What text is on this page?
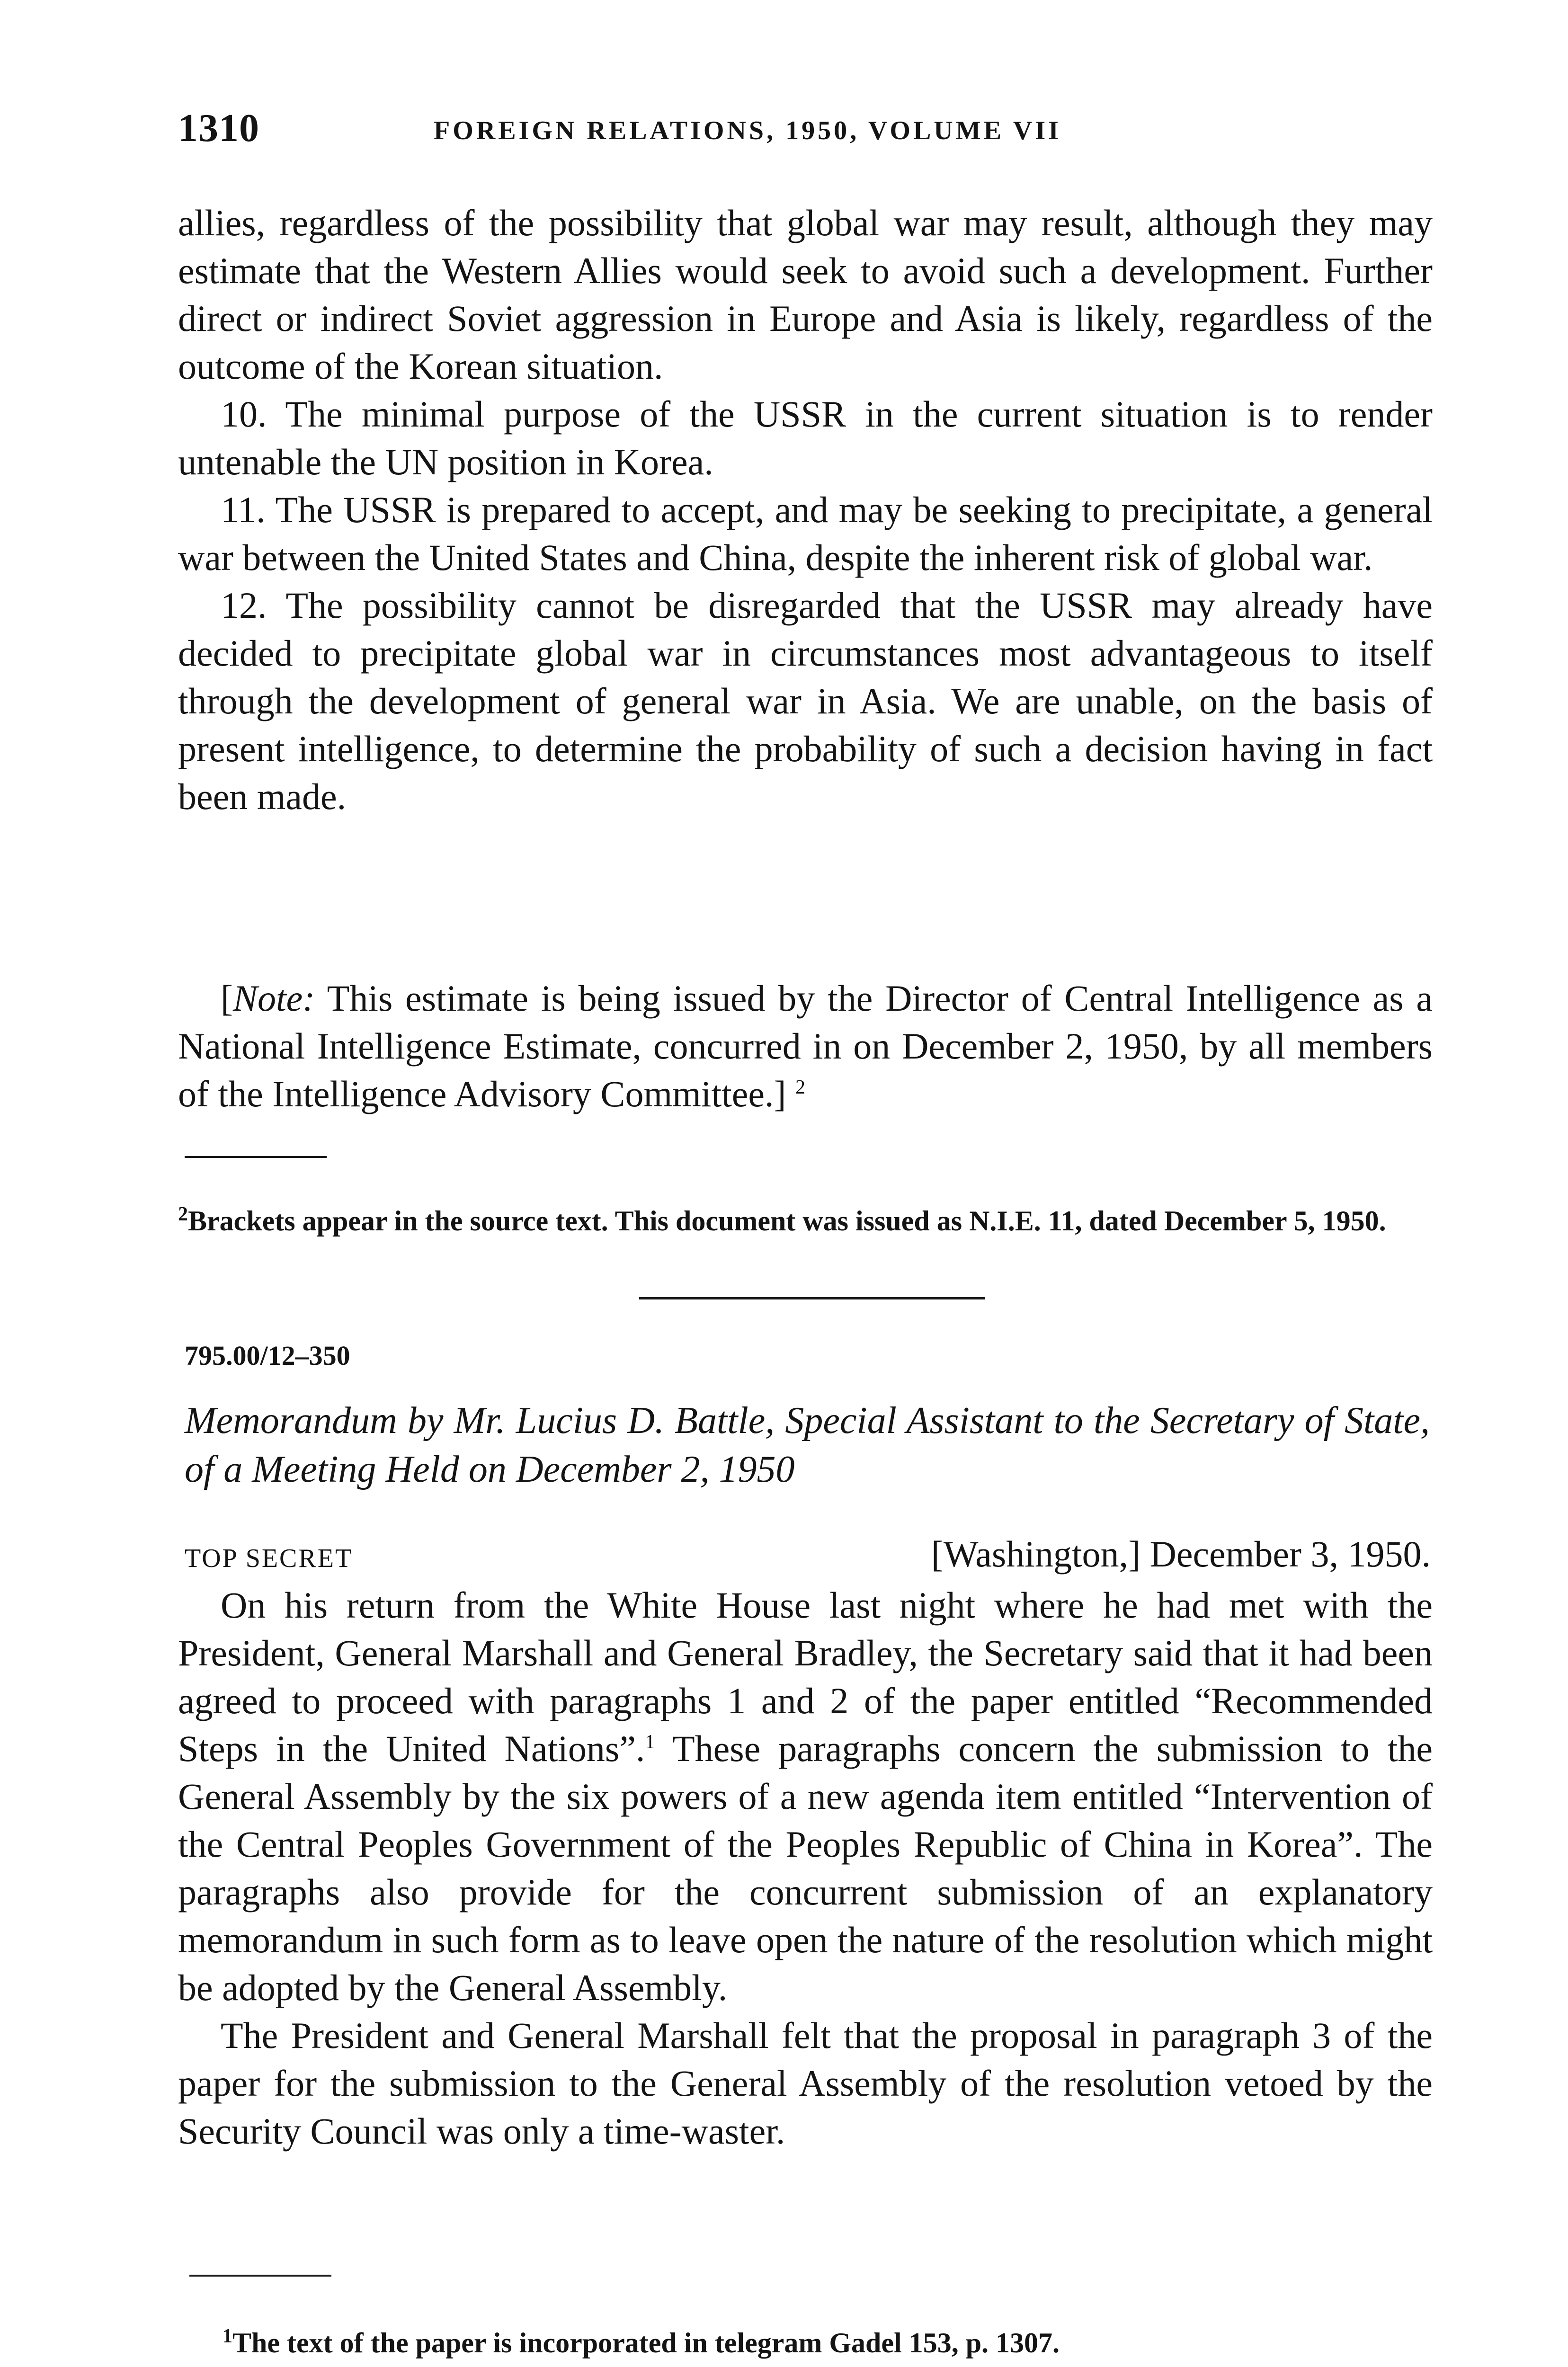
1310	FOREIGN RELATIONS, 1950, VOLUME VII

allies, regardless of the possibility that global war may result, although they may estimate that the Western Allies would seek to avoid such a development. Further direct or indirect Soviet aggression in Europe and Asia is likely, regardless of the outcome of the Korean situation.

10. The minimal purpose of the USSR in the current situation is to render untenable the UN position in Korea.

11. The USSR is prepared to accept, and may be seeking to precipitate, a general war between the United States and China, despite the inherent risk of global war.

12. The possibility cannot be disregarded that the USSR may already have decided to precipitate global war in circumstances most advantageous to itself through the development of general war in Asia. We are unable, on the basis of present intelligence, to determine the probability of such a decision having in fact been made.

[Note: This estimate is being issued by the Director of Central Intelligence as a National Intelligence Estimate, concurred in on December 2, 1950, by all members of the Intelligence Advisory Committee.] $^2$

$^2$Brackets appear in the source text. This document was issued as N.I.E. 11, dated December 5, 1950.

795.00/12–350
Memorandum by Mr. Lucius D. Battle, Special Assistant to the Secretary of State, of a Meeting Held on December 2, 1950
TOP SECRET	[Washington,] December 3, 1950.

On his return from the White House last night where he had met with the President, General Marshall and General Bradley, the Secretary said that it had been agreed to proceed with paragraphs 1 and 2 of the paper entitled “Recommended Steps in the United Nations”.$^1$ These paragraphs concern the submission to the General Assembly by the six powers of a new agenda item entitled “Intervention of the Central Peoples Government of the Peoples Republic of China in Korea”. The paragraphs also provide for the concurrent submission of an explanatory memorandum in such form as to leave open the nature of the resolution which might be adopted by the General Assembly.

The President and General Marshall felt that the proposal in paragraph 3 of the paper for the submission to the General Assembly of the resolution vetoed by the Security Council was only a time-waster.

$^1$The text of the paper is incorporated in telegram Gadel 153, p. 1307.
